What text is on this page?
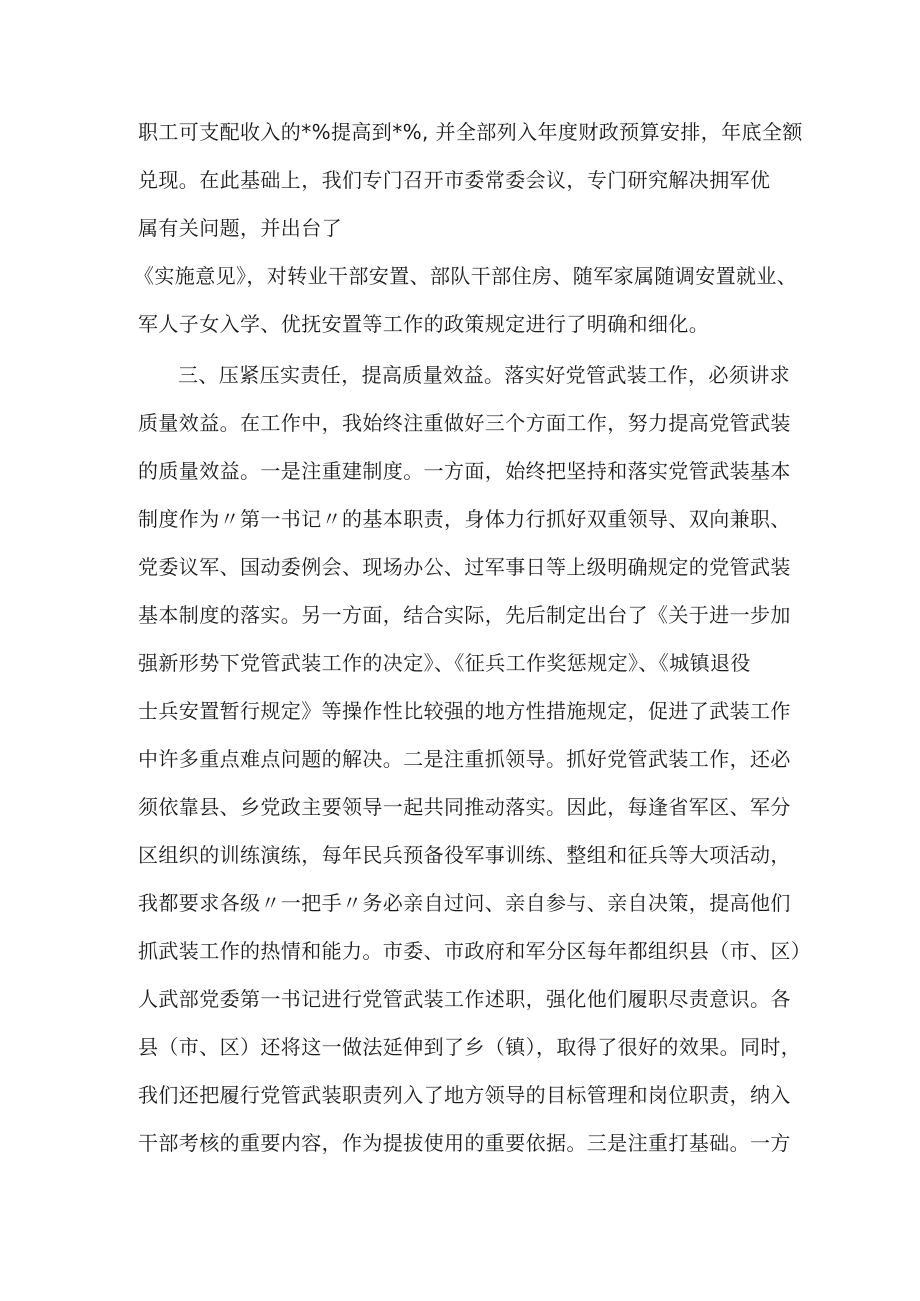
职工可支配收入的*%提高到*%, 并全部列入年度财政预算安排，年底全额
兑现。在此基础上，我们专门召开市委常委会议，专门研究解决拥军优
属有关问题，并出台了
《实施意见》，对转业干部安置、部队干部住房、随军家属随调安置就业、
军人子女入学、优抚安置等工作的政策规定进行了明确和细化。
三、压紧压实责任，提高质量效益。落实好党管武装工作，必须讲求
质量效益。在工作中，我始终注重做好三个方面工作，努力提高党管武装
的质量效益。一是注重建制度。一方面，始终把坚持和落实党管武装基本
制度作为〃第一书记〃的基本职责，身体力行抓好双重领导、双向兼职、
党委议军、国动委例会、现场办公、过军事日等上级明确规定的党管武装
基本制度的落实。另一方面，结合实际，先后制定出台了《关于进一步加
强新形势下党管武装工作的决定》、《征兵工作奖惩规定》、《城镇退役
士兵安置暂行规定》等操作性比较强的地方性措施规定，促进了武装工作
中许多重点难点问题的解决。二是注重抓领导。抓好党管武装工作，还必
须依靠县、乡党政主要领导一起共同推动落实。因此，每逢省军区、军分
区组织的训练演练，每年民兵预备役军事训练、整组和征兵等大项活动，
我都要求各级〃一把手〃务必亲自过问、亲自参与、亲自决策，提高他们
抓武装工作的热情和能力。市委、市政府和军分区每年都组织县（市、区）
人武部党委第一书记进行党管武装工作述职，强化他们履职尽责意识。各
县（市、区）还将这一做法延伸到了乡（镇），取得了很好的效果。同时，
我们还把履行党管武装职责列入了地方领导的目标管理和岗位职责，纳入
干部考核的重要内容，作为提拔使用的重要依据。三是注重打基础。一方
